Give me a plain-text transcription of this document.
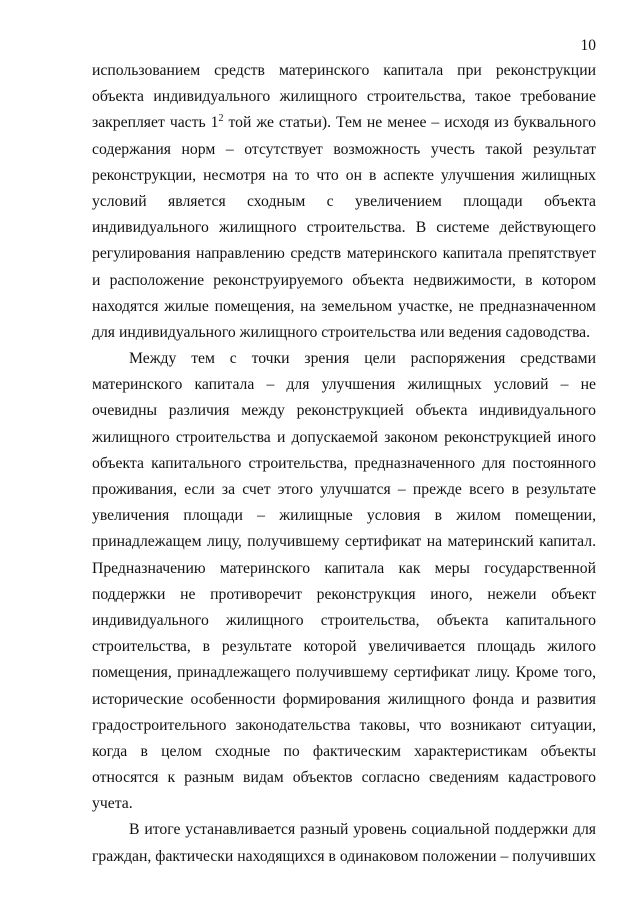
10
использованием средств материнского капитала при реконструкции
объекта индивидуального жилищного строительства, такое требование
закрепляет часть $1^2$ той же статьи). Тем не менее – исходя из буквального
содержания норм – отсутствует возможность учесть такой результат
реконструкции, несмотря на то что он в аспекте улучшения жилищных
условий является сходным с увеличением площади объекта
индивидуального жилищного строительства. В системе действующего
регулирования направлению средств материнского капитала препятствует
и расположение реконструируемого объекта недвижимости, в котором
находятся жилые помещения, на земельном участке, не предназначенном
для индивидуального жилищного строительства или ведения садоводства.
Между тем с точки зрения цели распоряжения средствами
материнского капитала – для улучшения жилищных условий – не
очевидны различия между реконструкцией объекта индивидуального
жилищного строительства и допускаемой законом реконструкцией иного
объекта капитального строительства, предназначенного для постоянного
проживания, если за счет этого улучшатся – прежде всего в результате
увеличения площади – жилищные условия в жилом помещении,
принадлежащем лицу, получившему сертификат на материнский капитал.
Предназначению материнского капитала как меры государственной
поддержки не противоречит реконструкция иного, нежели объект
индивидуального жилищного строительства, объекта капитального
строительства, в результате которой увеличивается площадь жилого
помещения, принадлежащего получившему сертификат лицу. Кроме того,
исторические особенности формирования жилищного фонда и развития
градостроительного законодательства таковы, что возникают ситуации,
когда в целом сходные по фактическим характеристикам объекты
относятся к разным видам объектов согласно сведениям кадастрового
учета.
В итоге устанавливается разный уровень социальной поддержки для
граждан, фактически находящихся в одинаковом положении – получивших
